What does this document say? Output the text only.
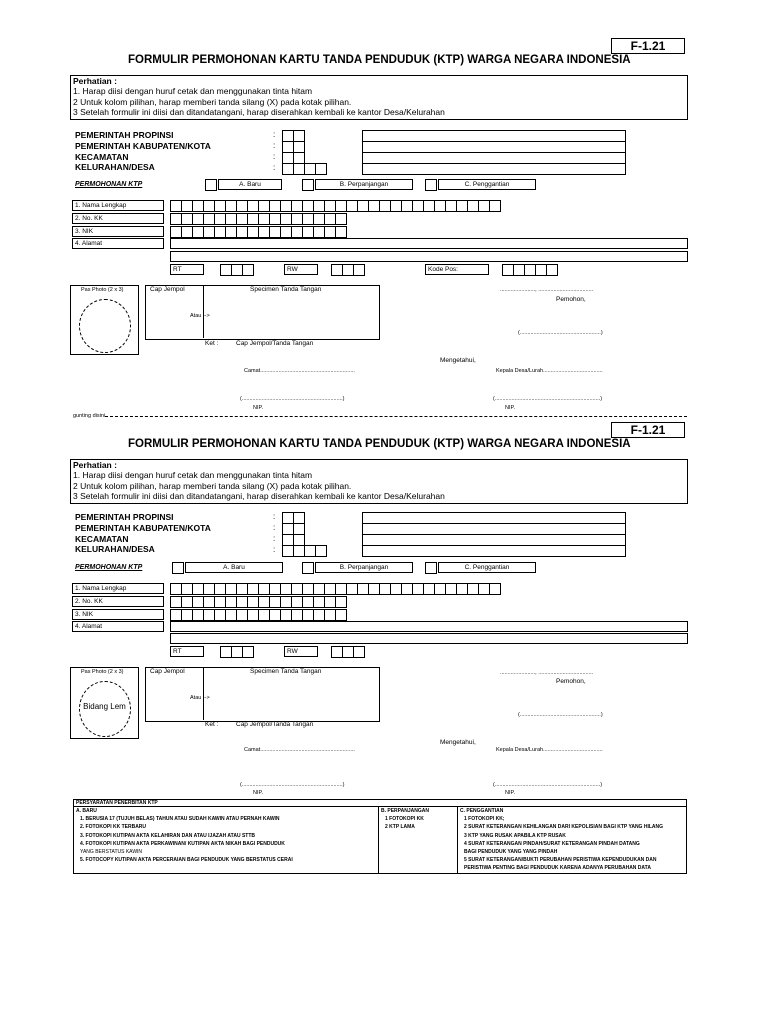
F-1.21
FORMULIR PERMOHONAN KARTU TANDA PENDUDUK (KTP) WARGA NEGARA INDONESIA
Perhatian :
1. Harap diisi dengan huruf cetak dan menggunakan tinta hitam
2 Untuk kolom pilihan, harap memberi tanda silang (X) pada kotak pilihan.
3 Setelah formulir ini diisi dan ditandatangani, harap diserahkan kembali ke kantor Desa/Kelurahan
PEMERINTAH PROPINSI
PEMERINTAH KABUPATEN/KOTA
KECAMATAN
KELURAHAN/DESA
:
:
:
:
PERMOHONAN KTP	A. Baru	B. Perpanjangan	C. Penggantian
1. Nama Lengkap
2. No. KK
3. NIK
4. Alamat
RT	RW	Kode Pos:
Pas Photo (2 x 3)	Cap Jempol	Specimen Tanda Tangan
Atau -->
Ket :	Cap Jempol/Tanda Tangan
......................., ....................................
Pemohon,
(.....................................................)
Mengetahui,
Camat..............................................................	Kepala Desa/Lurah.......................................
(..................................................................)	(.....................................................................)
NIP.	NIP.
gunting disini
F-1.21
FORMULIR PERMOHONAN KARTU TANDA PENDUDUK (KTP) WARGA NEGARA INDONESIA
Perhatian :
1. Harap diisi dengan huruf cetak dan menggunakan tinta hitam
2 Untuk kolom pilihan, harap memberi tanda silang (X) pada kotak pilihan.
3 Setelah formulir ini diisi dan ditandatangani, harap diserahkan kembali ke kantor Desa/Kelurahan
PEMERINTAH PROPINSI
PEMERINTAH KABUPATEN/KOTA
KECAMATAN
KELURAHAN/DESA
:
:
:
:
PERMOHONAN KTP	A. Baru	B. Perpanjangan	C. Penggantian
1. Nama Lengkap
2. No. KK
3. NIK
4. Alamat
RT	RW
Pas Photo (2 x 3)
Bidang Lem
Cap Jempol	Specimen Tanda Tangan
Atau -->
Ket :	Cap Jempol/Tanda Tangan
......................., ....................................
Pemohon,
(.....................................................)
Mengetahui,
Camat..............................................................	Kepala Desa/Lurah.......................................
(..................................................................)	(.....................................................................)
NIP.	NIP.
PERSYARATAN PENERBITAN KTP

A. BARU
1. BERUSIA 17 (TUJUH BELAS) TAHUN ATAU SUDAH KAWIN ATAU PERNAH KAWIN
2. FOTOKOPI KK TERBARU
3. FOTOKOPI KUTIPAN AKTA KELAHIRAN DAN ATAU IJAZAH ATAU STTB
4. FOTOKOPI KUTIPAN AKTA PERKAWINAN/ KUTIPAN AKTA NIKAH BAGI PENDUDUK
YANG BERSTATUS KAWIN
5. FOTOCOPY KUTIPAN AKTA PERCERAIAN BAGI PENDUDUK YANG BERSTATUS CERAI

B. PERPANJANGAN
1 FOTOKOPI KK
2 KTP LAMA

C. PENGGANTIAN
1 FOTOKOPI KK;
2 SURAT KETERANGAN KEHILANGAN DARI KEPOLISIAN BAGI KTP YANG HILANG
3 KTP YANG RUSAK APABILA KTP RUSAK
4 SURAT KETERANGAN PINDAH/SURAT KETERANGAN PINDAH DATANG
BAGI PENDUDUK YANG YANG PINDAH
5 SURAT KETERANGAN/BUKTI PERUBAHAN PERISTIWA KEPENDUDUKAN DAN
PERISTIWA PENTING BAGI PENDUDUK KARENA ADANYA PERUBAHAN DATA
